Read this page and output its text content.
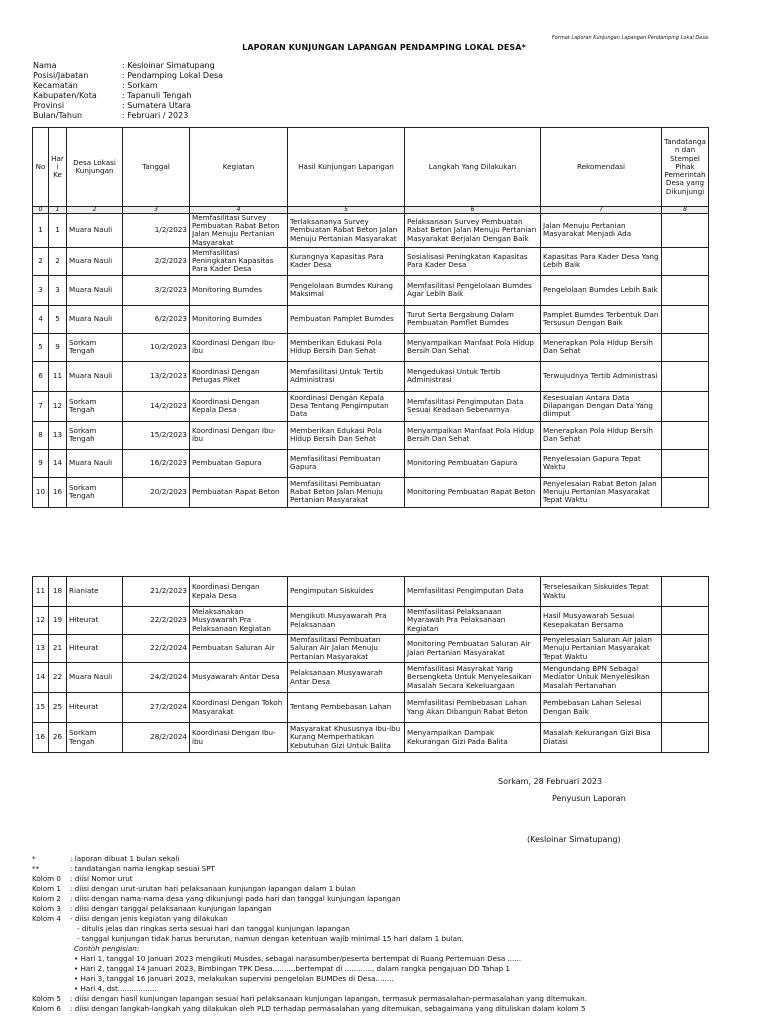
Format Laporan Kunjungan Lapangan Pendamping Lokal Desa
LAPORAN KUNJUNGAN LAPANGAN PENDAMPING LOKAL DESA*
Nama	: Kesloinar Simatupang
Posisi/Jabatan	: Pendamping Lokal Desa
Kecamatan	: Sorkam
Kabupaten/Kota	: Tapanuli Tengah
Provinsi	: Sumatera Utara
Bulan/Tahun	: Februari / 2023
No	Hari Ke	Desa Lokasi Kunjungan	Tanggal	Kegiatan	Hasil Kunjungan Lapangan	Langkah Yang Dilakukan	Rekomendasi	Tandatangan dan Stempel Pihak Pemerintah Desa yang Dikunjungi
0	1	2	3	4	5	6	7	8
1	1	Muara Nauli	1/2/2023	Memfasilitasi Survey Pembuatan Rabat Beton Jalan Menuju Pertanian Masyarakat	Terlaksananya Survey Pembuatan Rabat Beton Jalan Menuju Pertanian Masyarakat	Pelaksanaan Survey Pembuatan Rabat Beton Jalan Menuju Pertanian Masyarakat Berjalan Dengan Baik	Jalan Menuju Pertanian Masyarakat Menjadi Ada	
2	2	Muara Nauli	2/2/2023	Memfasilitasi Peningkatan Kapasitas Para Kader Desa	Kurangnya Kapasitas Para Kader Desa	Sosialisasi Peningkatan Kapasitas Para Kader Desa	Kapasitas Para Kader Desa Yang Lebih Baik	
3	3	Muara Nauli	3/2/2023	Monitoring Bumdes	Pengelolaan Bumdes Kurang Maksimal	Memfasilitasi Pengelolaan Bumdes Agar Lebih Baik	Pengelolaan Bumdes Lebih Baik	
4	5	Muara Nauli	6/2/2023	Monitoring Bumdes	Pembuatan Pamplet Bumdes	Turut Serta Bergabung Dalam Pembuatan Pamflet Bumdes	Pamplet Bumdes Terbentuk Dan Tersusun Dengan Baik	
5	9	Sorkam Tengah	10/2/2023	Koordinasi Dengan Ibu-ibu	Memberikan Edukasi Pola Hidup Bersih Dan Sehat	Menyampaikan Manfaat Pola Hidup Bersih Dan Sehat	Menerapkan Pola Hidup Bersih Dan Sehat	
6	11	Muara Nauli	13/2/2023	Koordinasi Dengan Petugas Piket	Memfasilitasi Untuk Tertib Administrasi	Mengedukasi Untuk Tertib Administrasi	Terwujudnya Tertib Administrasi	
7	12	Sorkam Tengah	14/2/2023	Koordinasi Dengan Kepala Desa	Koordinasi Dengan Kepala Desa Tentang Pengimputan Data	Memfasilitasi Pengimputan Data Sesuai Keadaan Sebenarnya	Kesesuaian Antara Data Dilapangan Dengan Data Yang diimput	
8	13	Sorkam Tengah	15/2/2023	Koordinasi Dengan Ibu-ibu	Memberikan Edukasi Pola Hidup Bersih Dan Sehat	Menyampaikan Manfaat Pola Hidup Bersih Dan Sehat	Menerapkan Pola Hidup Bersih Dan Sehat	
9	14	Muara Nauli	16/2/2023	Pembuatan Gapura	Memfasilitasi Pembuatan Gapura	Monitoring Pembuatan Gapura	Penyelesaian Gapura Tepat Waktu	
10	16	Sorkam Tengah	20/2/2023	Pembuatan Rapat Beton	Memfasilitasi Pembuatan Rabat Beton Jalan Menuju Pertanian Masyarakat	Monitoring Pembuatan Rapat Beton	Penyelesaian Rabat Beton Jalan Menuju Pertanian Masyarakat Tepat Waktu	
11	18	Rianiate	21/2/2023	Koordinasi Dengan Kepala Desa	Pengimputan Siskuides	Memfasilitasi Pengimputan Data	Terselesaikan Siskuides Tepat Waktu	
12	19	Hiteurat	22/2/2023	Melaksanakan Musyawarah Pra Pelaksanaan Kegiatan	Mengikuti Musyawarah Pra Pelaksanaan	Memfasilitasi Pelaksanaan Myarawah Pra Pelaksanaan Kegiatan	Hasil Musyawarah Sesuai Kesepakatan Bersama	
13	21	Hiteurat	22/2/2024	Pembuatan Saluran Air	Memfasilitasi Pembuatan Saluran Air Jalan Menuju Pertanian Masyarakat	Monitoring Pembuatan Saluran Air Jalan Pertanian Masyarakat	Penyelesaian Saluran Air Jalan Menuju Pertanian Masyarakat Tepat Waktu	
14	22	Muara Nauli	24/2/2024	Musyawarah Antar Desa	Pelaksanaan Musyawarah Antar Desa	Memfasilitasi Masyrakat Yang Bersengketa Untuk Menyelesaikan Masalah Secara Kekeluargaan	Mengundang BPN Sebagai Mediator Untuk Menyelesikan Masalah Pertanahan	
15	25	Hiteurat	27/2/2024	Koordinasi Dengan Tokoh Masyarakat	Tentang Pembebasan Lahan	Memfasilitasi Pembebasan Lahan Yang Akan Dibangun Rabat Beton	Pembebasan Lahan Selesai Dengan Baik	
16	26	Sorkam Tengah	28/2/2024	Koordinasi Dengan Ibu-ibu	Masyarakat Khususnya Ibu-ibu Kurang Memperhatikan Kebutuhan Gizi Untuk Balita	Menyampaikan Dampak Kekurangan Gizi Pada Balita	Masalah Kekurangan Gizi Bisa Diatasi	
Sorkam, 28 Februari 2023
Penyusun Laporan
(Kesloinar Simatupang)
*	: laporan dibuat 1 bulan sekali
**	: tandatangan nama lengkap sesuai SPT
Kolom 0	: diisi Nomor urut
Kolom 1	: diisi dengan urut-urutan hari pelaksanaan kunjungan lapangan dalam 1 bulan
Kolom 2	: diisi dengan nama-nama desa yang dikunjungi pada hari dan tanggal kunjungan lapangan
Kolom 3	: diisi dengan tanggal pelaksanaan kunjungan lapangan
Kolom 4	- diisi dengan jenis kegiatan yang dilakukan
- ditulis jelas dan ringkas serta sesuai hari dan tanggal kunjungan lapangan
- tanggal kunjungan tidak harus berurutan, namun dengan ketentuan wajib minimal 15 hari dalam 1 bulan.
Contoh pengisian:
• Hari 1, tanggal 10 Januari 2023 mengikuti Musdes, sebagai narasumber/peserta bertempat di Ruang Pertemuan Desa ......
• Hari 2, tanggal 14 Januari 2023, Bimbingan TPK Desa..........bertempat di ............, dalam rangka pengajuan DD Tahap 1
• Hari 3, tanggal 16 Januari 2023, melakukan supervisi pengelolan BUMDes di Desa........
• Hari 4, dst.................
Kolom 5	: diisi dengan hasil kunjungan lapangan sesuai hari pelaksanaan kunjungan lapangan, termasuk permasalahan-permasalahan yang ditemukan.
Kolom 6	: diisi dengan langkah-langkah yang dilakukan oleh PLD terhadap permasalahan yang ditemukan, sebagaimana yang dituliskan dalam kolom 5
